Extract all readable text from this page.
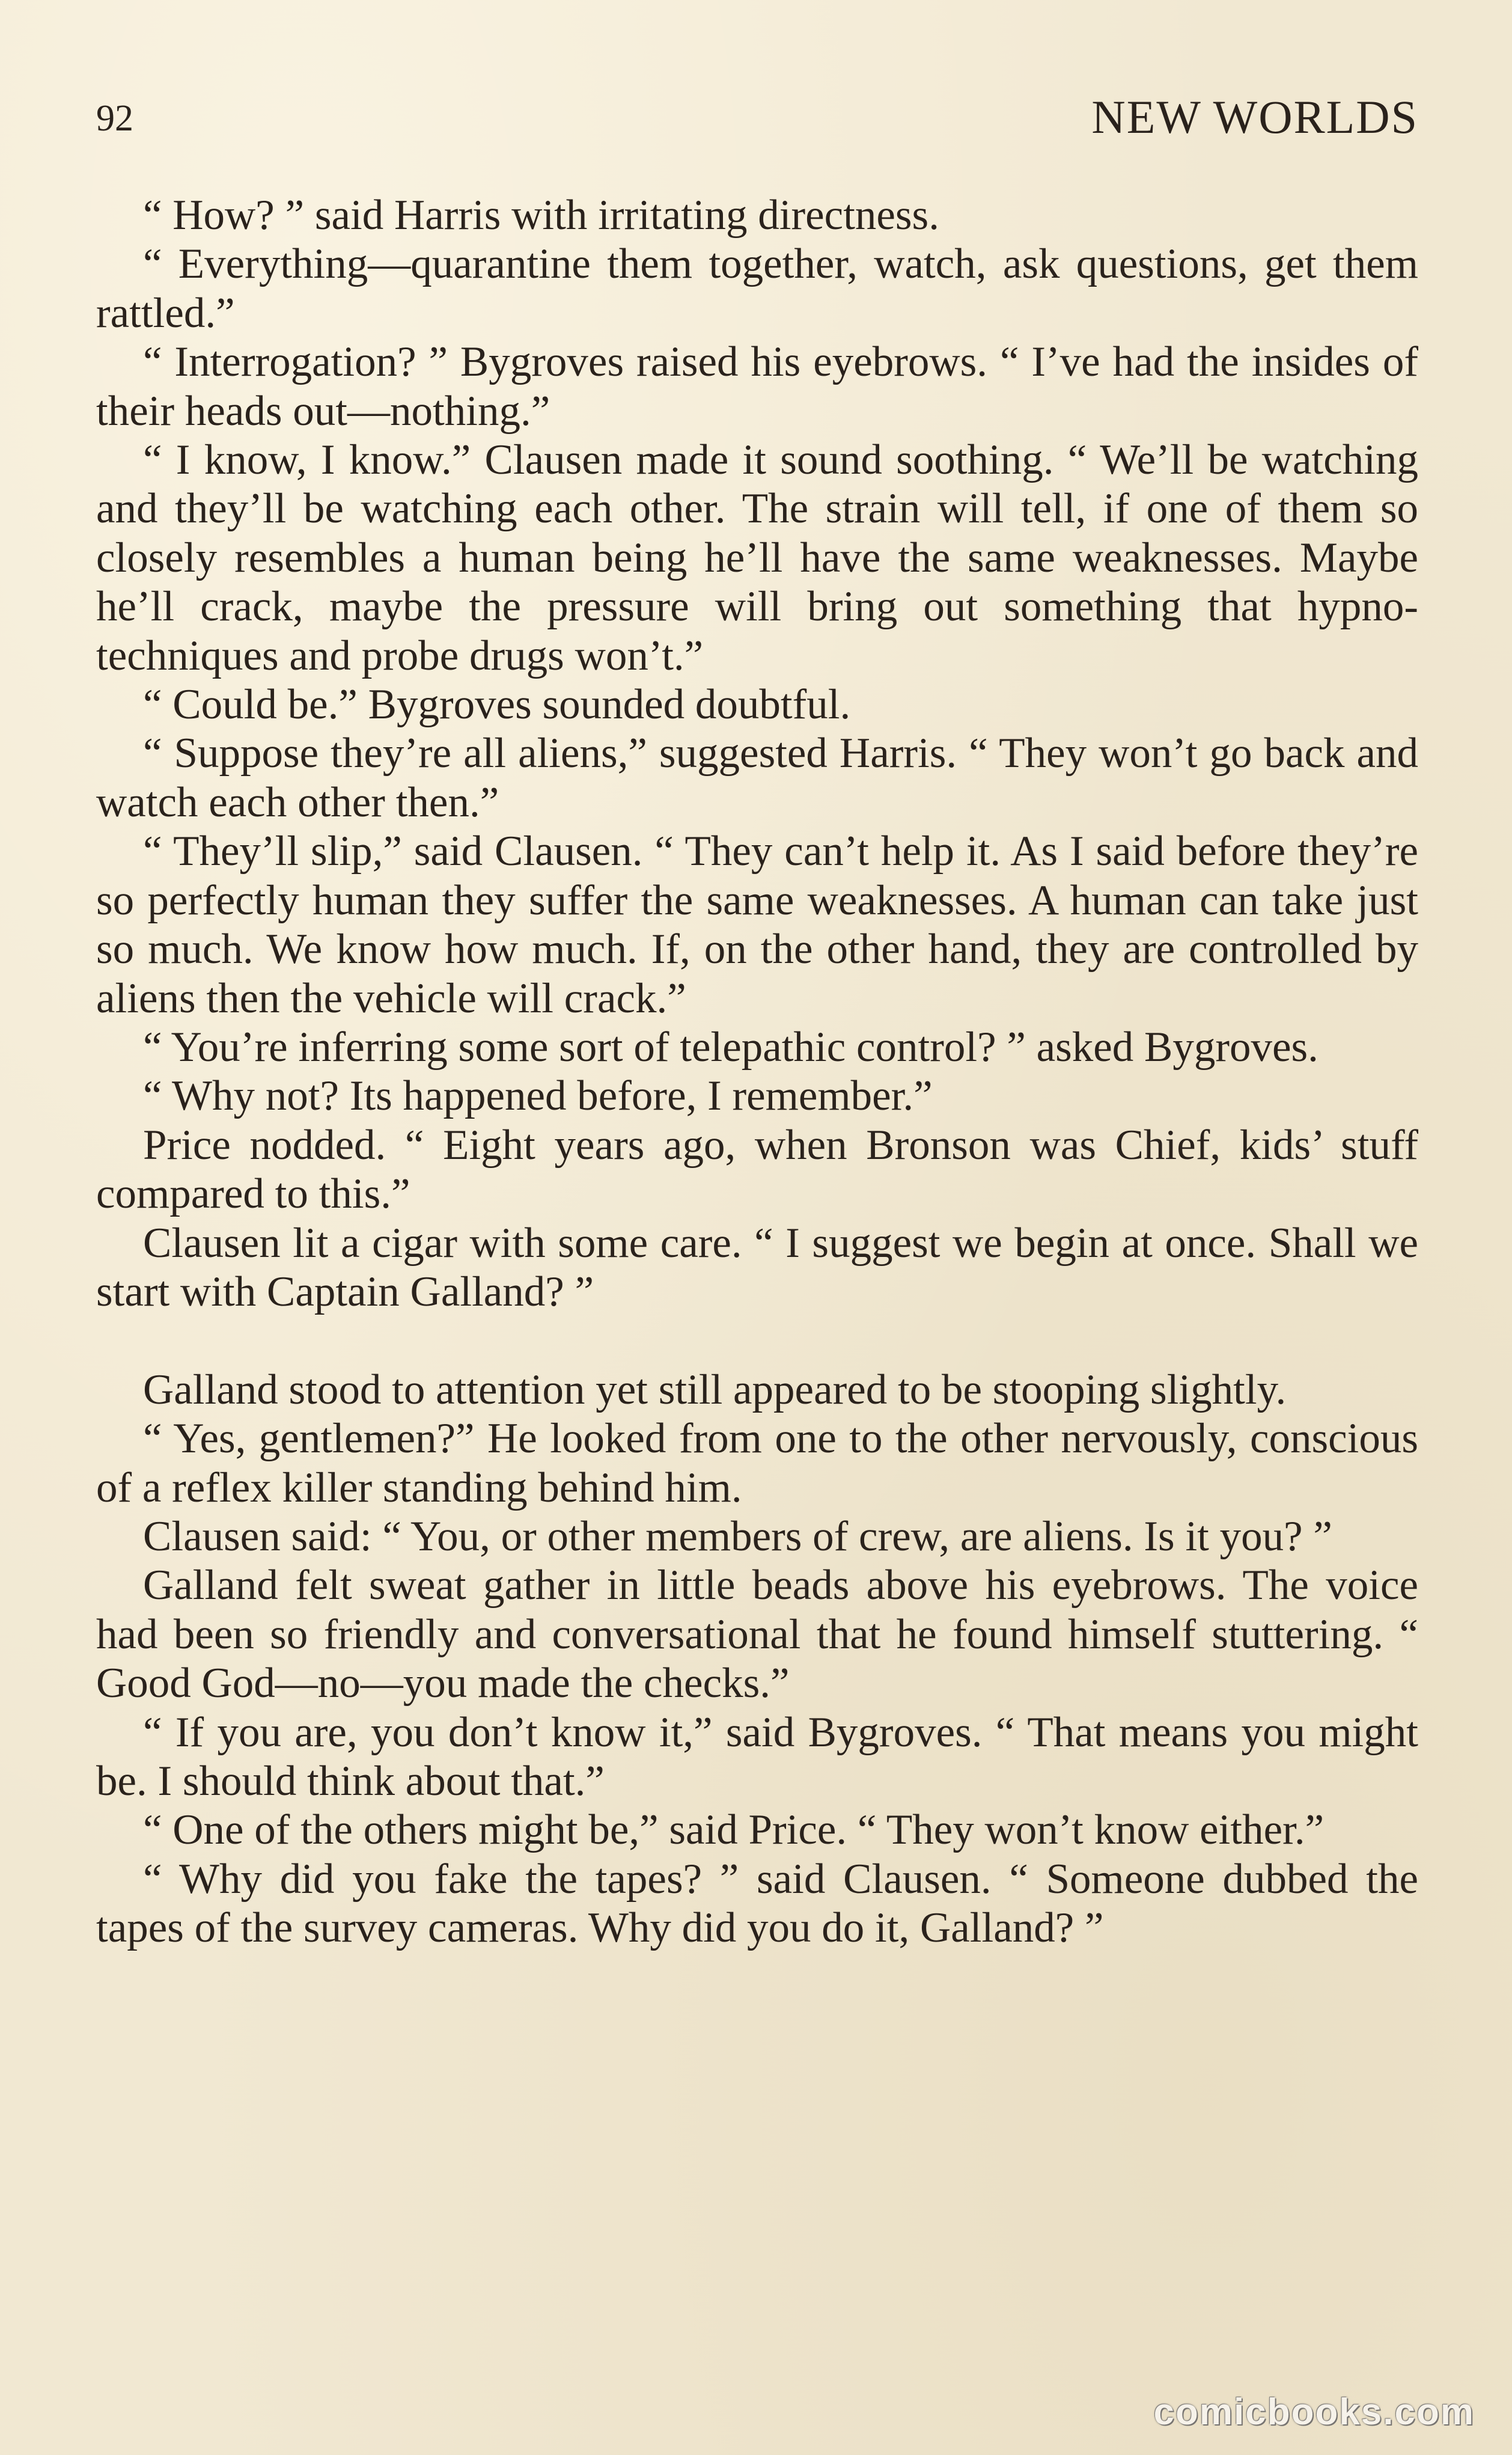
92	NEW WORLDS

“ How? ” said Harris with irritating directness.

“ Everything—quarantine them together, watch, ask questions, get them rattled.”

“ Interrogation? ” Bygroves raised his eyebrows. “ I’ve had the insides of their heads out—nothing.”

“ I know, I know.” Clausen made it sound soothing. “ We’ll be watching and they’ll be watching each other. The strain will tell, if one of them so closely resembles a human being he’ll have the same weaknesses. Maybe he’ll crack, maybe the pressure will bring out something that hypno-techniques and probe drugs won’t.”

“ Could be.” Bygroves sounded doubtful.

“ Suppose they’re all aliens,” suggested Harris. “ They won’t go back and watch each other then.”

“ They’ll slip,” said Clausen. “ They can’t help it. As I said before they’re so perfectly human they suffer the same weaknesses. A human can take just so much. We know how much. If, on the other hand, they are controlled by aliens then the vehicle will crack.”

“ You’re inferring some sort of telepathic control? ” asked Bygroves.

“ Why not? Its happened before, I remember.”

Price nodded. “ Eight years ago, when Bronson was Chief, kids’ stuff compared to this.”

Clausen lit a cigar with some care. “ I suggest we begin at once. Shall we start with Captain Galland? ”

Galland stood to attention yet still appeared to be stooping slightly.

“ Yes, gentlemen?” He looked from one to the other nervously, conscious of a reflex killer standing behind him.

Clausen said: “ You, or other members of crew, are aliens. Is it you? ”

Galland felt sweat gather in little beads above his eyebrows. The voice had been so friendly and conversational that he found himself stuttering. “ Good God—no—you made the checks.”

“ If you are, you don’t know it,” said Bygroves. “ That means you might be. I should think about that.”

“ One of the others might be,” said Price. “ They won’t know either.”

“ Why did you fake the tapes? ” said Clausen. “ Someone dubbed the tapes of the survey cameras. Why did you do it, Galland? ”

comicbooks.com
